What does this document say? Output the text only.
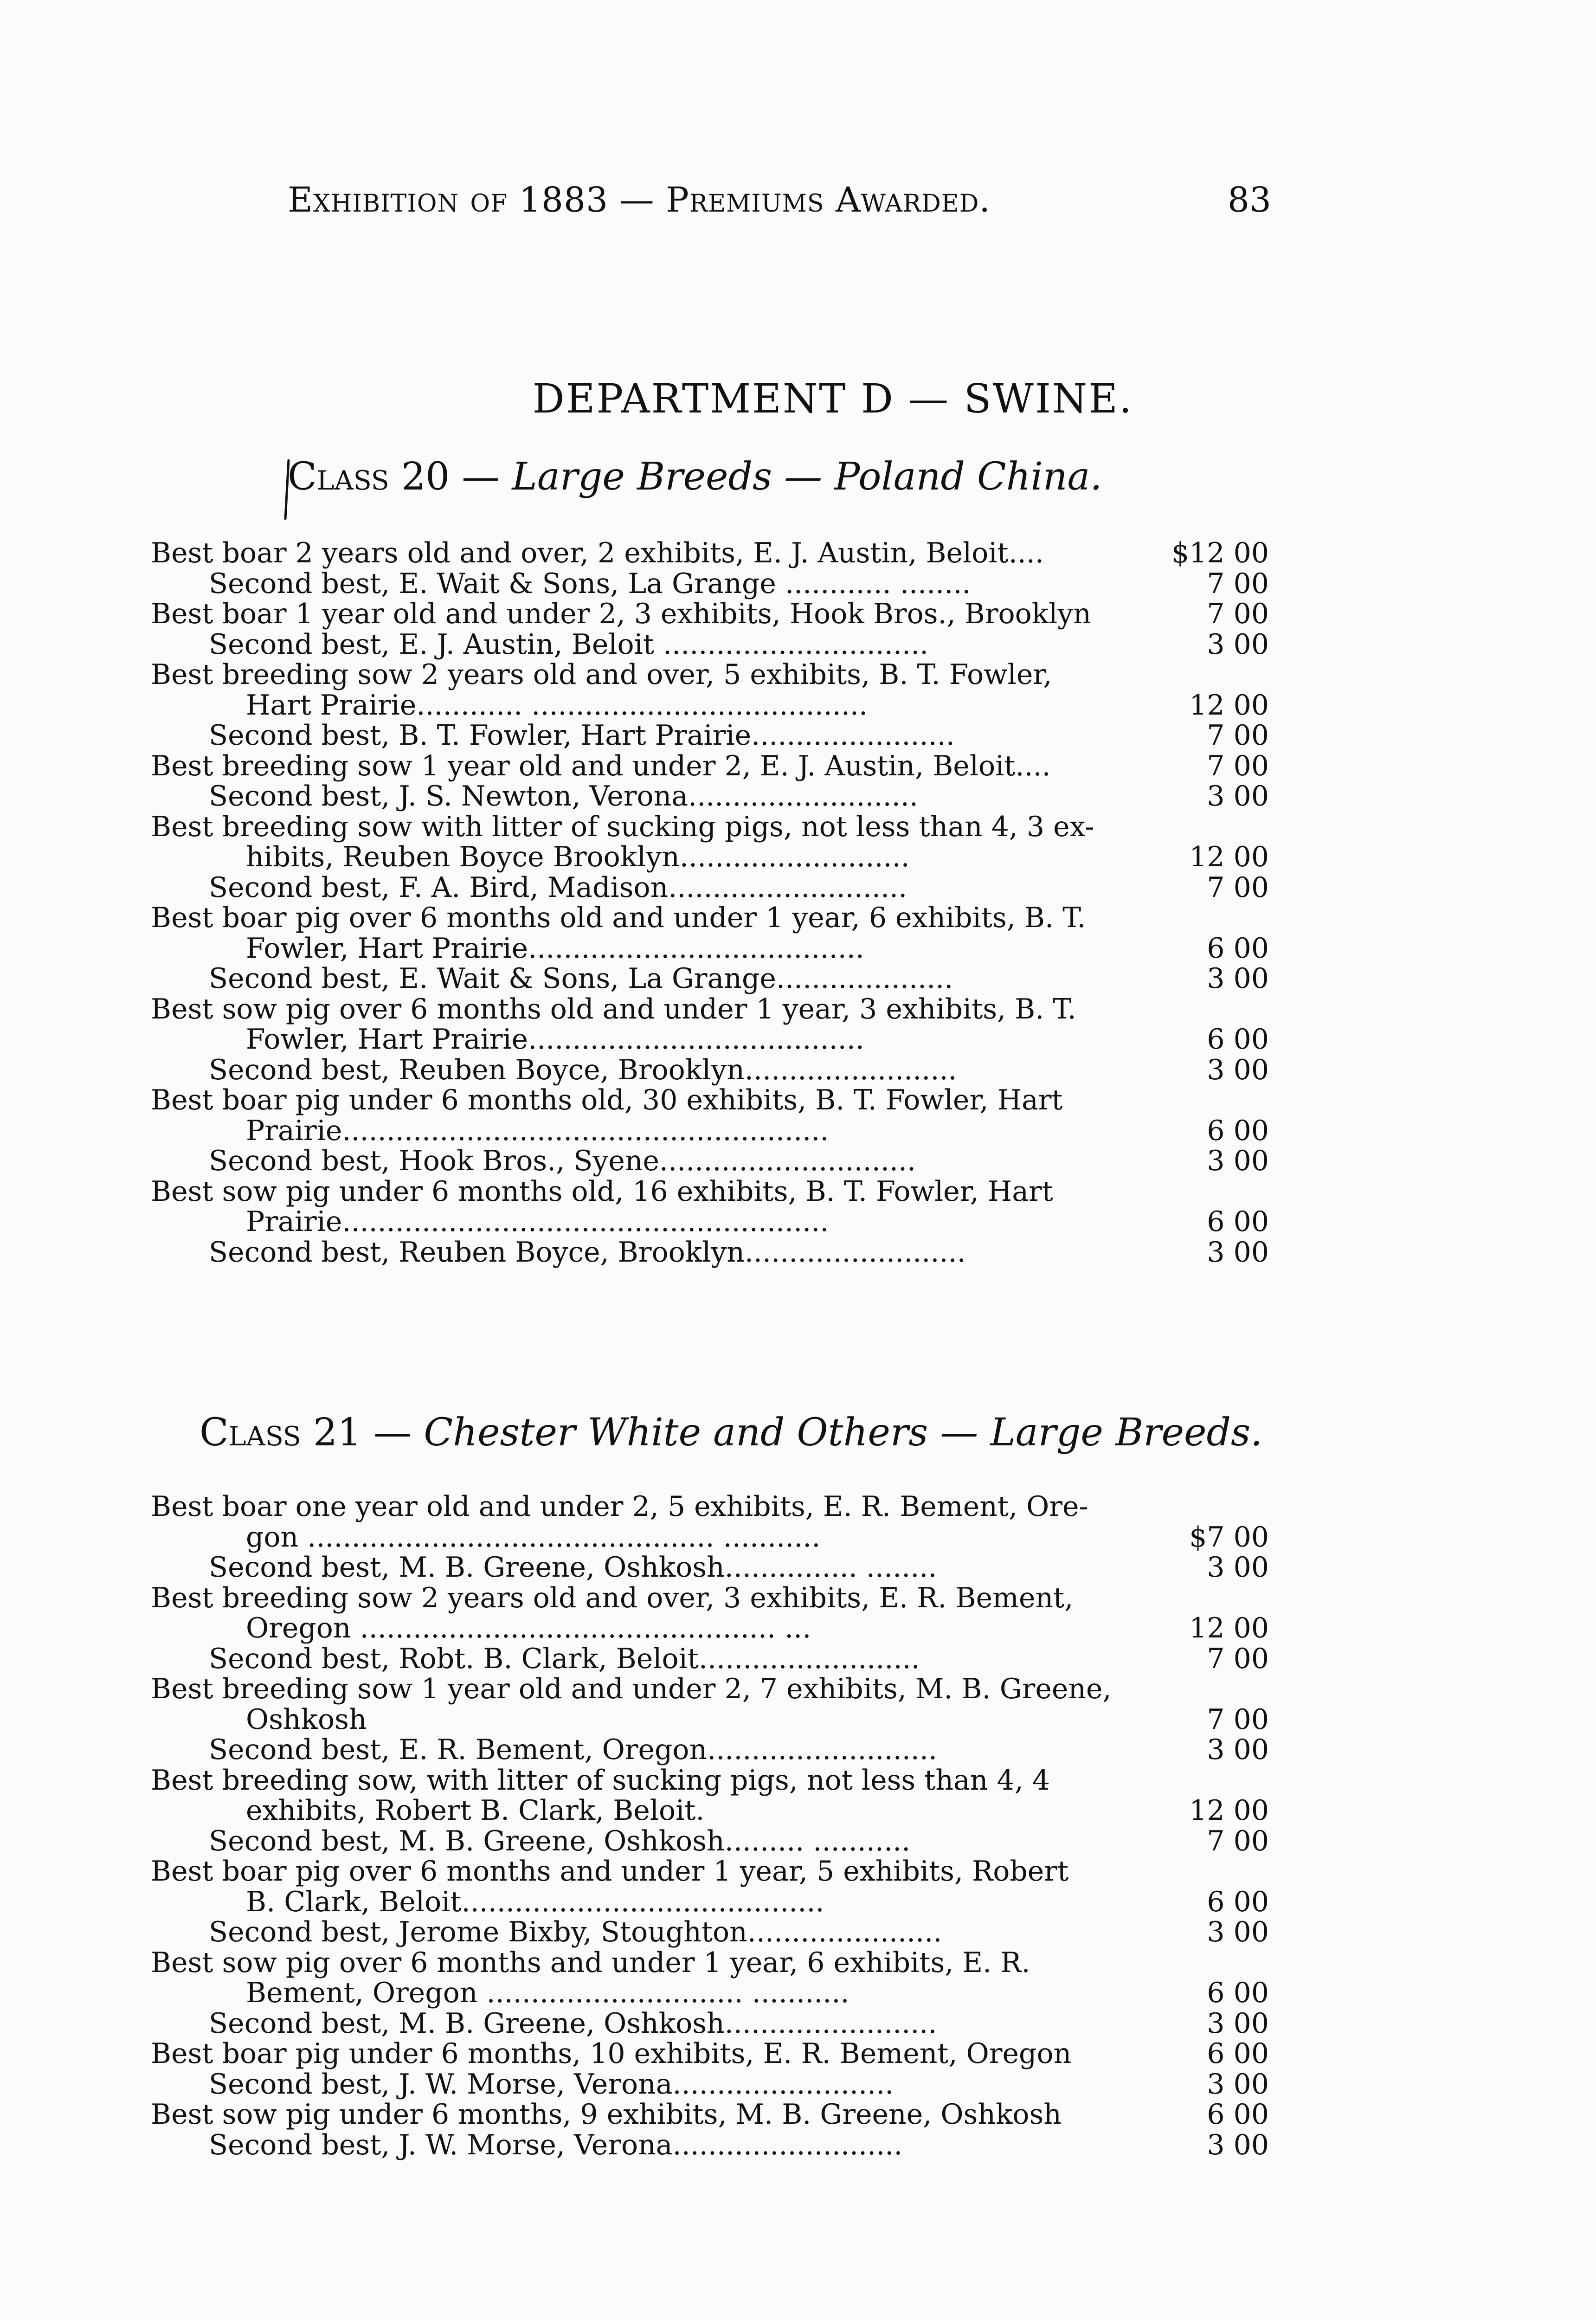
Exhibition of 1883 — Premiums Awarded.	83
DEPARTMENT D — SWINE.
Class 20 — Large Breeds — Poland China.
Best boar 2 years old and over, 2 exhibits, E. J. Austin, Beloit....	$12 00
Second best, E. Wait & Sons, La Grange ............ ........	7 00
Best boar 1 year old and under 2, 3 exhibits, Hook Bros., Brooklyn	7 00
Second best, E. J. Austin, Beloit ..............................	3 00
Best breeding sow 2 years old and over, 5 exhibits, B. T. Fowler,
Hart Prairie............ ......................................	12 00
Second best, B. T. Fowler, Hart Prairie.......................	7 00
Best breeding sow 1 year old and under 2, E. J. Austin, Beloit....	7 00
Second best, J. S. Newton, Verona..........................	3 00
Best breeding sow with litter of sucking pigs, not less than 4, 3 ex-
hibits, Reuben Boyce Brooklyn..........................	12 00
Second best, F. A. Bird, Madison...........................	7 00
Best boar pig over 6 months old and under 1 year, 6 exhibits, B. T.
Fowler, Hart Prairie......................................	6 00
Second best, E. Wait & Sons, La Grange....................	3 00
Best sow pig over 6 months old and under 1 year, 3 exhibits, B. T.
Fowler, Hart Prairie......................................	6 00
Second best, Reuben Boyce, Brooklyn........................	3 00
Best boar pig under 6 months old, 30 exhibits, B. T. Fowler, Hart
Prairie.......................................................	6 00
Second best, Hook Bros., Syene.............................	3 00
Best sow pig under 6 months old, 16 exhibits, B. T. Fowler, Hart
Prairie.......................................................	6 00
Second best, Reuben Boyce, Brooklyn.........................	3 00
Class 21 — Chester White and Others — Large Breeds.
Best boar one year old and under 2, 5 exhibits, E. R. Bement, Ore-
gon .............................................. ...........	$7 00
Second best, M. B. Greene, Oshkosh............... ........	3 00
Best breeding sow 2 years old and over, 3 exhibits, E. R. Bement,
Oregon ............................................... ...	12 00
Second best, Robt. B. Clark, Beloit.........................	7 00
Best breeding sow 1 year old and under 2, 7 exhibits, M. B. Greene,
Oshkosh	7 00
Second best, E. R. Bement, Oregon..........................	3 00
Best breeding sow, with litter of sucking pigs, not less than 4, 4
exhibits, Robert B. Clark, Beloit.	12 00
Second best, M. B. Greene, Oshkosh......... ...........	7 00
Best boar pig over 6 months and under 1 year, 5 exhibits, Robert
B. Clark, Beloit.........................................	6 00
Second best, Jerome Bixby, Stoughton......................	3 00
Best sow pig over 6 months and under 1 year, 6 exhibits, E. R.
Bement, Oregon ............................. ...........	6 00
Second best, M. B. Greene, Oshkosh........................	3 00
Best boar pig under 6 months, 10 exhibits, E. R. Bement, Oregon	6 00
Second best, J. W. Morse, Verona.........................	3 00
Best sow pig under 6 months, 9 exhibits, M. B. Greene, Oshkosh	6 00
Second best, J. W. Morse, Verona..........................	3 00
